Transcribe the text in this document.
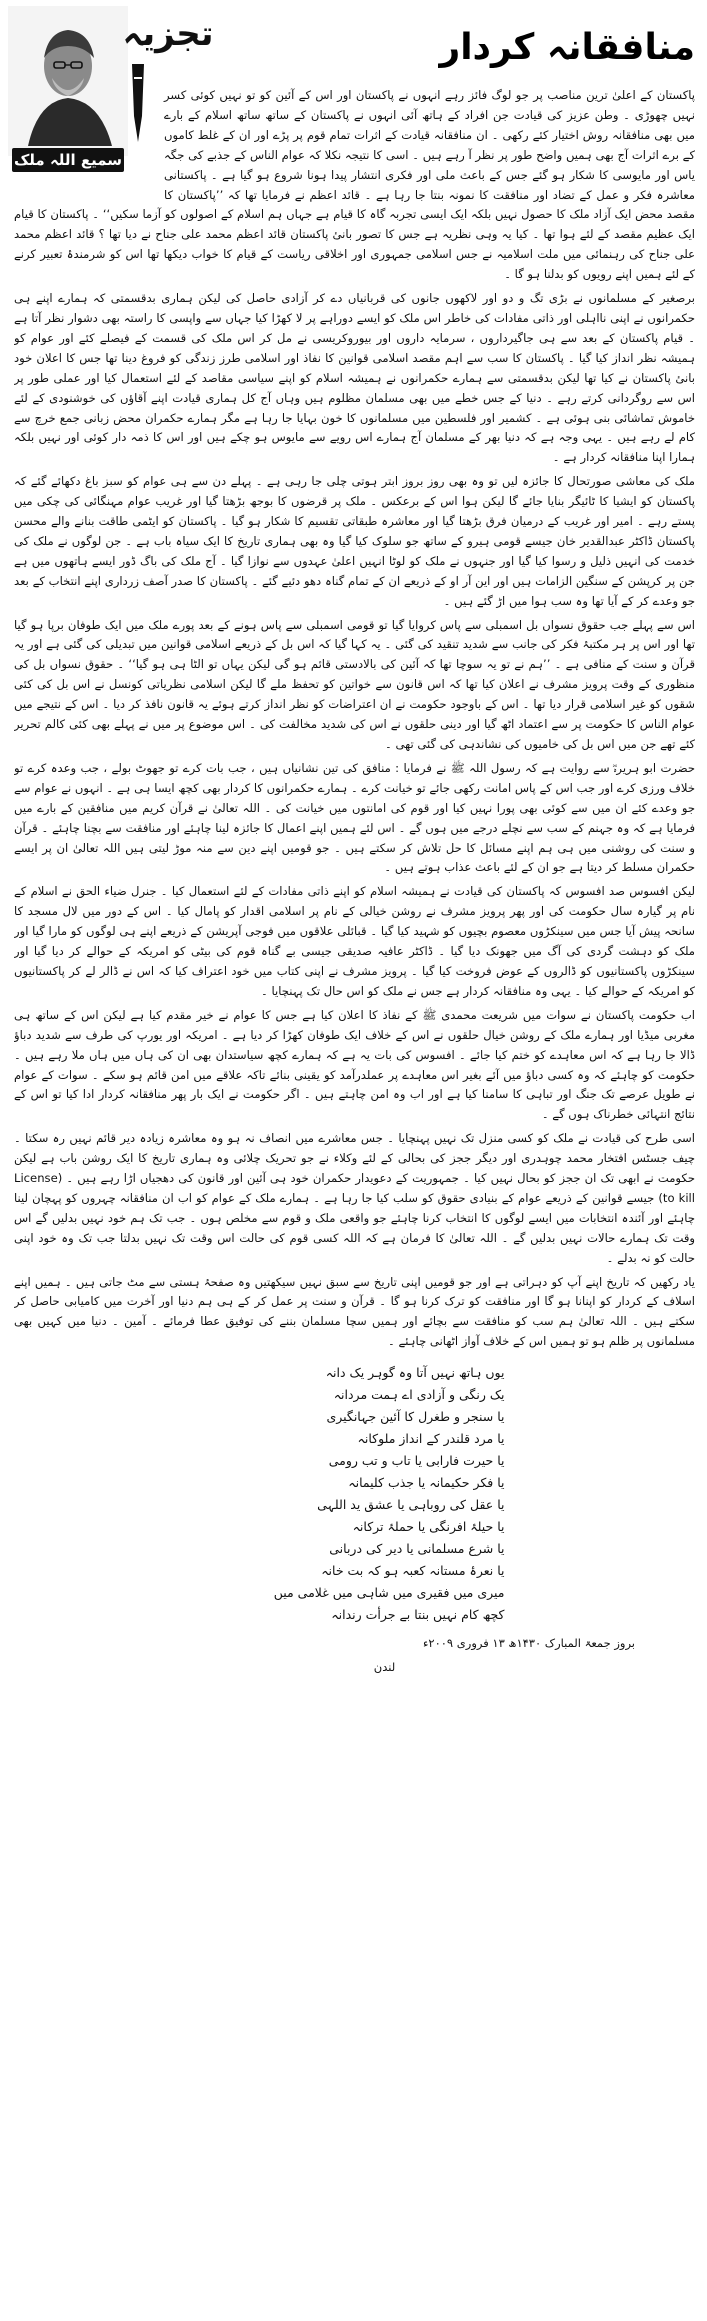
تجزیہ
سمیع اللہ ملک
منافقانہ کردار

پاکستان کے اعلیٰ ترین مناصب پر جو لوگ فائز رہے انہوں نے پاکستان اور اس کے آئین کو تو نہیں کوئی کسر نہیں چھوڑی ۔ وطن عزیز کی قیادت جن افراد کے ہاتھ آئی انہوں نے پاکستان کے ساتھ ساتھ اسلام کے بارے میں بھی منافقانہ روش اختیار کئے رکھی ۔ ان منافقانہ قیادت کے اثرات تمام قوم پر پڑے اور ان کے غلط کاموں کے برے اثرات آج بھی ہمیں واضح طور پر نظر آ رہے ہیں ۔ اسی کا نتیجہ نکلا کہ عوام الناس کے جذبے کی جگہ یاس اور مایوسی کا شکار ہو گئے جس کے باعث ملی اور فکری انتشار پیدا ہونا شروع ہو گیا ہے ۔ پاکستانی معاشرہ فکر و عمل کے تضاد اور منافقت کا نمونہ بنتا جا رہا ہے ۔ قائد اعظم نے فرمایا تھا کہ ’’پاکستان کا مقصد محض ایک آزاد ملک کا حصول نہیں بلکہ ایک ایسی تجربہ گاہ کا قیام ہے جہاں ہم اسلام کے اصولوں کو آزما سکیں‘‘ ۔ پاکستان کا قیام ایک عظیم مقصد کے لئے ہوا تھا ۔ کیا یہ وہی نظریہ ہے جس کا تصور بانیٔ پاکستان قائد اعظم محمد علی جناح نے دیا تھا ؟ قائد اعظم محمد علی جناح کی رہنمائی میں ملت اسلامیہ نے جس اسلامی جمہوری اور اخلاقی ریاست کے قیام کا خواب دیکھا تھا اس کو شرمندۂ تعبیر کرنے کے لئے ہمیں اپنے رویوں کو بدلنا ہو گا ۔

برصغیر کے مسلمانوں نے بڑی تگ و دو اور لاکھوں جانوں کی قربانیاں دے کر آزادی حاصل کی لیکن ہماری بدقسمتی کہ ہمارے اپنے ہی حکمرانوں نے اپنی نااہلی اور ذاتی مفادات کی خاطر اس ملک کو ایسے دوراہے پر لا کھڑا کیا جہاں سے واپسی کا راستہ بھی دشوار نظر آتا ہے ۔ قیام پاکستان کے بعد سے ہی جاگیرداروں ، سرمایہ داروں اور بیوروکریسی نے مل کر اس ملک کی قسمت کے فیصلے کئے اور عوام کو ہمیشہ نظر انداز کیا گیا ۔ پاکستان کا سب سے اہم مقصد اسلامی قوانین کا نفاذ اور اسلامی طرز زندگی کو فروغ دینا تھا جس کا اعلان خود بانیٔ پاکستان نے کیا تھا لیکن بدقسمتی سے ہمارے حکمرانوں نے ہمیشہ اسلام کو اپنے سیاسی مقاصد کے لئے استعمال کیا اور عملی طور پر اس سے روگردانی کرتے رہے ۔ دنیا کے جس خطے میں بھی مسلمان مظلوم ہیں وہاں آج کل ہماری قیادت اپنے آقاؤں کی خوشنودی کے لئے خاموش تماشائی بنی ہوئی ہے ۔ کشمیر اور فلسطین میں مسلمانوں کا خون بہایا جا رہا ہے مگر ہمارے حکمران محض زبانی جمع خرچ سے کام لے رہے ہیں ۔ یہی وجہ ہے کہ دنیا بھر کے مسلمان آج ہمارے اس رویے سے مایوس ہو چکے ہیں اور اس کا ذمہ دار کوئی اور نہیں بلکہ ہمارا اپنا منافقانہ کردار ہے ۔

ملک کی معاشی صورتحال کا جائزہ لیں تو وہ بھی روز بروز ابتر ہوتی چلی جا رہی ہے ۔ پہلے دن سے ہی عوام کو سبز باغ دکھائے گئے کہ پاکستان کو ایشیا کا ٹائیگر بنایا جائے گا لیکن ہوا اس کے برعکس ۔ ملک پر قرضوں کا بوجھ بڑھتا گیا اور غریب عوام مہنگائی کی چکی میں پستے رہے ۔ امیر اور غریب کے درمیان فرق بڑھتا گیا اور معاشرہ طبقاتی تقسیم کا شکار ہو گیا ۔ پاکستان کو ایٹمی طاقت بنانے والے محسن پاکستان ڈاکٹر عبدالقدیر خان جیسے قومی ہیرو کے ساتھ جو سلوک کیا گیا وہ بھی ہماری تاریخ کا ایک سیاہ باب ہے ۔ جن لوگوں نے ملک کی خدمت کی انہیں ذلیل و رسوا کیا گیا اور جنہوں نے ملک کو لوٹا انہیں اعلیٰ عہدوں سے نوازا گیا ۔ آج ملک کی باگ ڈور ایسے ہاتھوں میں ہے جن پر کرپشن کے سنگین الزامات ہیں اور این آر او کے ذریعے ان کے تمام گناہ دھو دئیے گئے ۔ پاکستان کا صدر آصف زرداری اپنے انتخاب کے بعد جو وعدے کر کے آیا تھا وہ سب ہوا میں اڑ گئے ہیں ۔

اس سے پہلے جب حقوق نسواں بل اسمبلی سے پاس کروایا گیا تو قومی اسمبلی سے پاس ہونے کے بعد پورے ملک میں ایک طوفان برپا ہو گیا تھا اور اس پر ہر مکتبۂ فکر کی جانب سے شدید تنقید کی گئی ۔ یہ کہا گیا کہ اس بل کے ذریعے اسلامی قوانین میں تبدیلی کی گئی ہے اور یہ قرآن و سنت کے منافی ہے ۔ ’’ہم نے تو یہ سوچا تھا کہ آئین کی بالادستی قائم ہو گی لیکن یہاں تو الٹا ہی ہو گیا‘‘ ۔ حقوق نسواں بل کی منظوری کے وقت پرویز مشرف نے اعلان کیا تھا کہ اس قانون سے خواتین کو تحفظ ملے گا لیکن اسلامی نظریاتی کونسل نے اس بل کی کئی شقوں کو غیر اسلامی قرار دیا تھا ۔ اس کے باوجود حکومت نے ان اعتراضات کو نظر انداز کرتے ہوئے یہ قانون نافذ کر دیا ۔ اس کے نتیجے میں عوام الناس کا حکومت پر سے اعتماد اٹھ گیا اور دینی حلقوں نے اس کی شدید مخالفت کی ۔ اس موضوع پر میں نے پہلے بھی کئی کالم تحریر کئے تھے جن میں اس بل کی خامیوں کی نشاندہی کی گئی تھی ۔

حضرت ابو ہریرہؓ سے روایت ہے کہ رسول اللہ ﷺ نے فرمایا : منافق کی تین نشانیاں ہیں ، جب بات کرے تو جھوٹ بولے ، جب وعدہ کرے تو خلاف ورزی کرے اور جب اس کے پاس امانت رکھی جائے تو خیانت کرے ۔ ہمارے حکمرانوں کا کردار بھی کچھ ایسا ہی ہے ۔ انہوں نے عوام سے جو وعدے کئے ان میں سے کوئی بھی پورا نہیں کیا اور قوم کی امانتوں میں خیانت کی ۔ اللہ تعالیٰ نے قرآن کریم میں منافقین کے بارے میں فرمایا ہے کہ وہ جہنم کے سب سے نچلے درجے میں ہوں گے ۔ اس لئے ہمیں اپنے اعمال کا جائزہ لینا چاہئے اور منافقت سے بچنا چاہئے ۔ قرآن و سنت کی روشنی میں ہی ہم اپنے مسائل کا حل تلاش کر سکتے ہیں ۔ جو قومیں اپنے دین سے منہ موڑ لیتی ہیں اللہ تعالیٰ ان پر ایسے حکمران مسلط کر دیتا ہے جو ان کے لئے باعث عذاب ہوتے ہیں ۔

لیکن افسوس صد افسوس کہ پاکستان کی قیادت نے ہمیشہ اسلام کو اپنے ذاتی مفادات کے لئے استعمال کیا ۔ جنرل ضیاء الحق نے اسلام کے نام پر گیارہ سال حکومت کی اور پھر پرویز مشرف نے روشن خیالی کے نام پر اسلامی اقدار کو پامال کیا ۔ اس کے دور میں لال مسجد کا سانحہ پیش آیا جس میں سینکڑوں معصوم بچیوں کو شہید کیا گیا ۔ قبائلی علاقوں میں فوجی آپریشن کے ذریعے اپنے ہی لوگوں کو مارا گیا اور ملک کو دہشت گردی کی آگ میں جھونک دیا گیا ۔ ڈاکٹر عافیہ صدیقی جیسی بے گناہ قوم کی بیٹی کو امریکہ کے حوالے کر دیا گیا اور سینکڑوں پاکستانیوں کو ڈالروں کے عوض فروخت کیا گیا ۔ پرویز مشرف نے اپنی کتاب میں خود اعتراف کیا کہ اس نے ڈالر لے کر پاکستانیوں کو امریکہ کے حوالے کیا ۔ یہی وہ منافقانہ کردار ہے جس نے ملک کو اس حال تک پہنچایا ۔

اب حکومت پاکستان نے سوات میں شریعت محمدی ﷺ کے نفاذ کا اعلان کیا ہے جس کا عوام نے خیر مقدم کیا ہے لیکن اس کے ساتھ ہی مغربی میڈیا اور ہمارے ملک کے روشن خیال حلقوں نے اس کے خلاف ایک طوفان کھڑا کر دیا ہے ۔ امریکہ اور یورپ کی طرف سے شدید دباؤ ڈالا جا رہا ہے کہ اس معاہدے کو ختم کیا جائے ۔ افسوس کی بات یہ ہے کہ ہمارے کچھ سیاستدان بھی ان کی ہاں میں ہاں ملا رہے ہیں ۔ حکومت کو چاہئے کہ وہ کسی دباؤ میں آئے بغیر اس معاہدے پر عملدرآمد کو یقینی بنائے تاکہ علاقے میں امن قائم ہو سکے ۔ سوات کے عوام نے طویل عرصے تک جنگ اور تباہی کا سامنا کیا ہے اور اب وہ امن چاہتے ہیں ۔ اگر حکومت نے ایک بار پھر منافقانہ کردار ادا کیا تو اس کے نتائج انتہائی خطرناک ہوں گے ۔

اسی طرح کی قیادت نے ملک کو کسی منزل تک نہیں پہنچایا ۔ جس معاشرے میں انصاف نہ ہو وہ معاشرہ زیادہ دیر قائم نہیں رہ سکتا ۔ چیف جسٹس افتخار محمد چوہدری اور دیگر ججز کی بحالی کے لئے وکلاء نے جو تحریک چلائی وہ ہماری تاریخ کا ایک روشن باب ہے لیکن حکومت نے ابھی تک ان ججز کو بحال نہیں کیا ۔ جمہوریت کے دعویدار حکمران خود ہی آئین اور قانون کی دھجیاں اڑا رہے ہیں ۔ (License to kill) جیسے قوانین کے ذریعے عوام کے بنیادی حقوق کو سلب کیا جا رہا ہے ۔ ہمارے ملک کے عوام کو اب ان منافقانہ چہروں کو پہچان لینا چاہئے اور آئندہ انتخابات میں ایسے لوگوں کا انتخاب کرنا چاہئے جو واقعی ملک و قوم سے مخلص ہوں ۔ جب تک ہم خود نہیں بدلیں گے اس وقت تک ہمارے حالات نہیں بدلیں گے ۔ اللہ تعالیٰ کا فرمان ہے کہ اللہ کسی قوم کی حالت اس وقت تک نہیں بدلتا جب تک وہ خود اپنی حالت کو نہ بدلے ۔

یاد رکھیں کہ تاریخ اپنے آپ کو دہراتی ہے اور جو قومیں اپنی تاریخ سے سبق نہیں سیکھتیں وہ صفحۂ ہستی سے مٹ جاتی ہیں ۔ ہمیں اپنے اسلاف کے کردار کو اپنانا ہو گا اور منافقت کو ترک کرنا ہو گا ۔ قرآن و سنت پر عمل کر کے ہی ہم دنیا اور آخرت میں کامیابی حاصل کر سکتے ہیں ۔ اللہ تعالیٰ ہم سب کو منافقت سے بچائے اور ہمیں سچا مسلمان بننے کی توفیق عطا فرمائے ۔ آمین ۔ دنیا میں کہیں بھی مسلمانوں پر ظلم ہو تو ہمیں اس کے خلاف آواز اٹھانی چاہئے ۔

یوں ہاتھ نہیں آتا وہ گوہر یک دانہ
یک رنگی و آزادی اے ہمت مردانہ
یا سنجر و طغرل کا آئین جہانگیری
یا مرد قلندر کے انداز ملوکانہ
یا حیرت فارابی یا تاب و تب رومی
یا فکر حکیمانہ یا جذب کلیمانہ
یا عقل کی روباہی یا عشق ید اللہی
یا حیلۂ افرنگی یا حملۂ ترکانہ
یا شرع مسلمانی یا دیر کی دربانی
یا نعرۂ مستانہ کعبہ ہو کہ بت خانہ
میری میں فقیری میں شاہی میں غلامی میں
کچھ کام نہیں بنتا بے جرأت رندانہ
بروز جمعۃ المبارک ۱۴۳۰ھ ۱۳ فروری ۲۰۰۹ء
لندن
